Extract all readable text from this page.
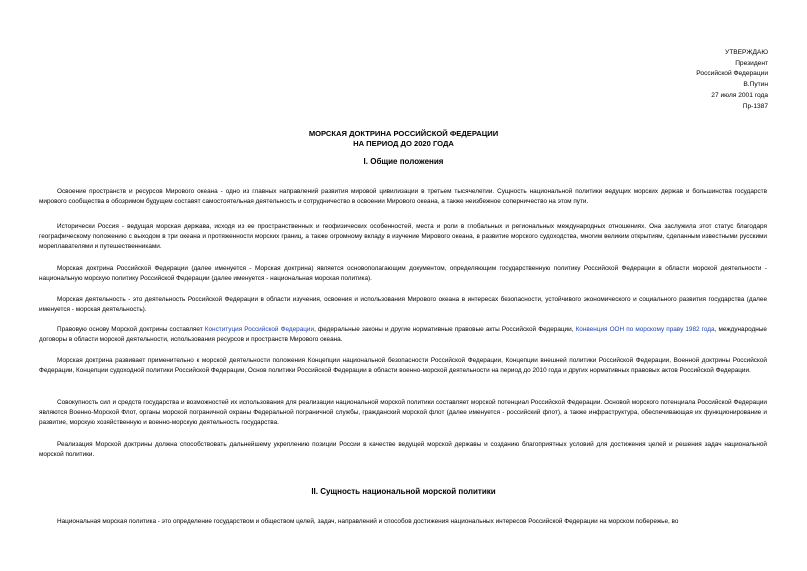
УТВЕРЖДАЮ
Президент
Российской Федерации
В.Путин
27 июля 2001 года
Пр-1387
МОРСКАЯ ДОКТРИНА РОССИЙСКОЙ ФЕДЕРАЦИИ
НА ПЕРИОД ДО 2020 ГОДА
I. Общие положения

Освоение пространств и ресурсов Мирового океана - одно из главных направлений развития мировой цивилизации в третьем тысячелетии. Сущность национальной политики ведущих морских держав и большинства государств мирового сообщества в обозримом будущем составят самостоятельная деятельность и сотрудничество в освоении Мирового океана, а также неизбежное соперничество на этом пути.

Исторически Россия - ведущая морская держава, исходя из ее пространственных и геофизических особенностей, места и роли в глобальных и региональных международных отношениях. Она заслужила этот статус благодаря географическому положению с выходом в три океана и протяженности морских границ, а также огромному вкладу в изучение Мирового океана, в развитие морского судоходства, многим великим открытиям, сделанным известными русскими мореплавателями и путешественниками.

Морская доктрина Российской Федерации (далее именуется - Морская доктрина) является основополагающим документом, определяющим государственную политику Российской Федерации в области морской деятельности - национальную морскую политику Российской Федерации (далее именуется - национальная морская политика).

Морская деятельность - это деятельность Российской Федерации в области изучения, освоения и использования Мирового океана в интересах безопасности, устойчивого экономического и социального развития государства (далее именуется - морская деятельность).

Правовую основу Морской доктрины составляет Конституция Российской Федерации, федеральные законы и другие нормативные правовые акты Российской Федерации, Конвенция ООН по морскому праву 1982 года, международные договоры в области морской деятельности, использования ресурсов и пространств Мирового океана.

Морская доктрина развивает применительно к морской деятельности положения Концепции национальной безопасности Российской Федерации, Концепции внешней политики Российской Федерации, Военной доктрины Российской Федерации, Концепции судоходной политики Российской Федерации, Основ политики Российской Федерации в области военно-морской деятельности на период до 2010 года и других нормативных правовых актов Российской Федерации.

Совокупность сил и средств государства и возможностей их использования для реализации национальной морской политики составляет морской потенциал Российской Федерации. Основой морского потенциала Российской Федерации являются Военно-Морской Флот, органы морской пограничной охраны Федеральной пограничной службы, гражданский морской флот (далее именуется - российский флот), а также инфраструктура, обеспечивающая их функционирование и развитие, морскую хозяйственную и военно-морскую деятельность государства.

Реализация Морской доктрины должна способствовать дальнейшему укреплению позиции России в качестве ведущей морской державы и созданию благоприятных условий для достижения целей и решения задач национальной морской политики.

II. Сущность национальной морской политики

Национальная морская политика - это определение государством и обществом целей, задач, направлений и способов достижения национальных интересов Российской Федерации на морском побережье, во
